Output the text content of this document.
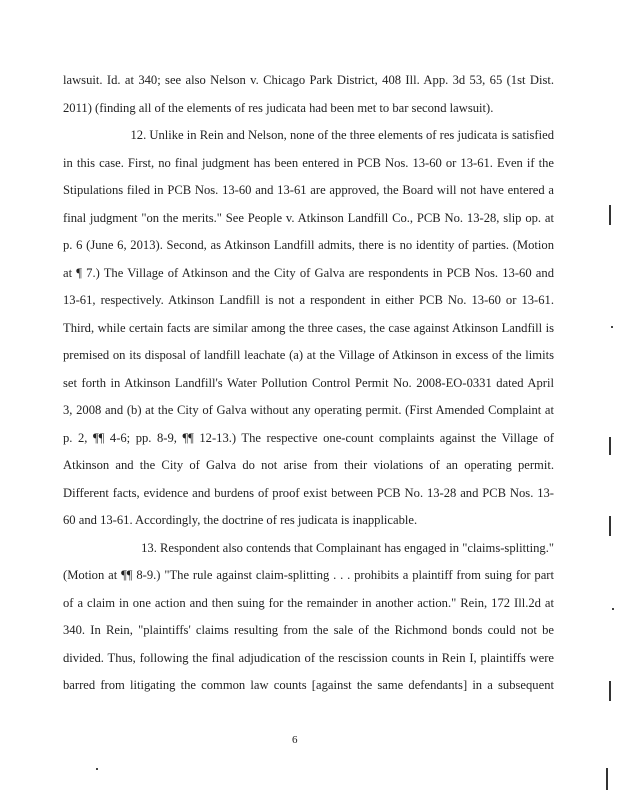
lawsuit. Id. at 340; see also Nelson v. Chicago Park District, 408 Ill. App. 3d 53, 65 (1st Dist.
2011) (finding all of the elements of res judicata had been met to bar second lawsuit).
12. Unlike in Rein and Nelson, none of the three elements of res judicata is satisfied
in this case. First, no final judgment has been entered in PCB Nos. 13-60 or 13-61. Even if the
Stipulations filed in PCB Nos. 13-60 and 13-61 are approved, the Board will not have entered a
final judgment "on the merits." See People v. Atkinson Landfill Co., PCB No. 13-28, slip op. at
p. 6 (June 6, 2013). Second, as Atkinson Landfill admits, there is no identity of parties. (Motion
at ¶ 7.) The Village of Atkinson and the City of Galva are respondents in PCB Nos. 13-60 and
13-61, respectively. Atkinson Landfill is not a respondent in either PCB No. 13-60 or 13-61.
Third, while certain facts are similar among the three cases, the case against Atkinson Landfill is
premised on its disposal of landfill leachate (a) at the Village of Atkinson in excess of the limits
set forth in Atkinson Landfill's Water Pollution Control Permit No. 2008-EO-0331 dated April
3, 2008 and (b) at the City of Galva without any operating permit. (First Amended Complaint at
p. 2, ¶¶ 4-6; pp. 8-9, ¶¶ 12-13.) The respective one-count complaints against the Village of
Atkinson and the City of Galva do not arise from their violations of an operating permit.
Different facts, evidence and burdens of proof exist between PCB No. 13-28 and PCB Nos. 13-
60 and 13-61. Accordingly, the doctrine of res judicata is inapplicable.
13. Respondent also contends that Complainant has engaged in "claims-splitting."
(Motion at ¶¶ 8-9.) "The rule against claim-splitting . . . prohibits a plaintiff from suing for part
of a claim in one action and then suing for the remainder in another action." Rein, 172 Ill.2d at
340. In Rein, "plaintiffs' claims resulting from the sale of the Richmond bonds could not be
divided. Thus, following the final adjudication of the rescission counts in Rein I, plaintiffs were
barred from litigating the common law counts [against the same defendants] in a subsequent
6
